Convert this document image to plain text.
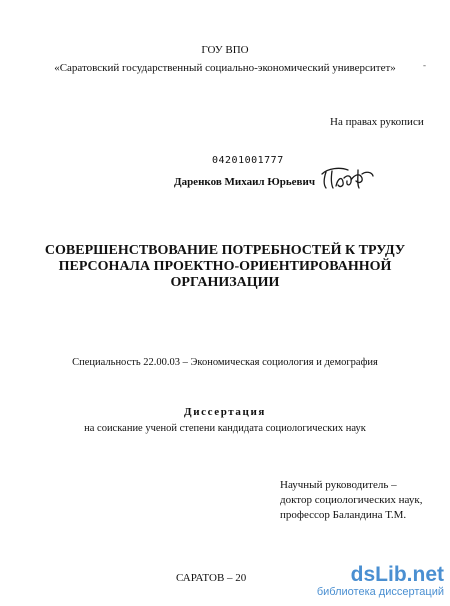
ГОУ ВПО
«Саратовский государственный социально-экономический университет»	-
На правах рукописи
04201001777
Даренков Михаил Юрьевич
СОВЕРШЕНСТВОВАНИЕ ПОТРЕБНОСТЕЙ К ТРУДУ
ПЕРСОНАЛА ПРОЕКТНО-ОРИЕНТИРОВАННОЙ
ОРГАНИЗАЦИИ
Специальность 22.00.03 – Экономическая социология и демография
Диссертация
на соискание ученой степени кандидата социологических наук
Научный руководитель –
доктор социологических наук,
профессор Баландина Т.М.
САРАТОВ – 20	dsLib.net
библиотека диссертаций
